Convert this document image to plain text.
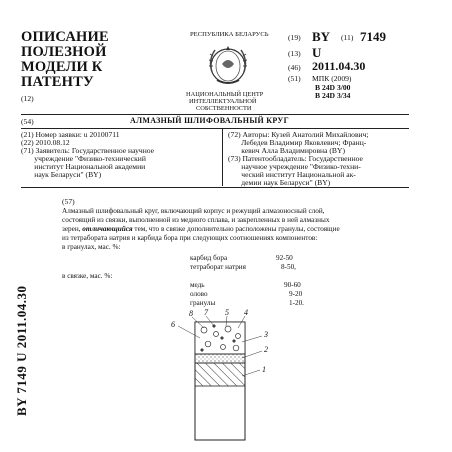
ОПИСАНИЕ
ПОЛЕЗНОЙ
МОДЕЛИ К
ПАТЕНТУ
(12)
РЕСПУБЛИКА БЕЛАРУСЬ
НАЦИОНАЛЬНЫЙ ЦЕНТР
ИНТЕЛЛЕКТУАЛЬНОЙ
СОБСТВЕННОСТИ
(19) BY (11) 7149
(13) U
(46) 2011.04.30
(51) МПК (2009)
B 24D 3/00
B 24D 3/34
(54)	АЛМАЗНЫЙ ШЛИФОВАЛЬНЫЙ КРУГ
(21) Номер заявки: u 20100711
(22) 2010.08.12
(71) Заявитель: Государственное научное
учреждение "Физико-технический
институт Национальной академии
наук Беларуси" (BY)
(72) Авторы: Кузей Анатолий Михайлович;
Лебедев Владимир Яковлевич; Франц-
кевич Алла Владимировна (BY)
(73) Патентообладатель: Государственное
научное учреждение "Физико-техни-
ческий институт Национальной ак-
демии наук Беларуси" (BY)
(57)
Алмазный шлифовальный круг, включающий корпус и режущий алмазоносный слой,
состоящий из связки, выполненной из медного сплава, и закрепленных в ней алмазных
зерен, отличающийся тем, что в связке дополнительно расположены гранулы, состоящие
из тетраборaта натрия и карбида бора при следующих соотношениях компонентов:
в гранулах, мас. %:
карбид бора	92-50
тетраборат натрия	8-50,
в связке, мас. %:
медь	90-60
олово	9-20
гранулы	1-20.
8 7 5 4
6
3
2
1
BY 7149 U 2011.04.30
